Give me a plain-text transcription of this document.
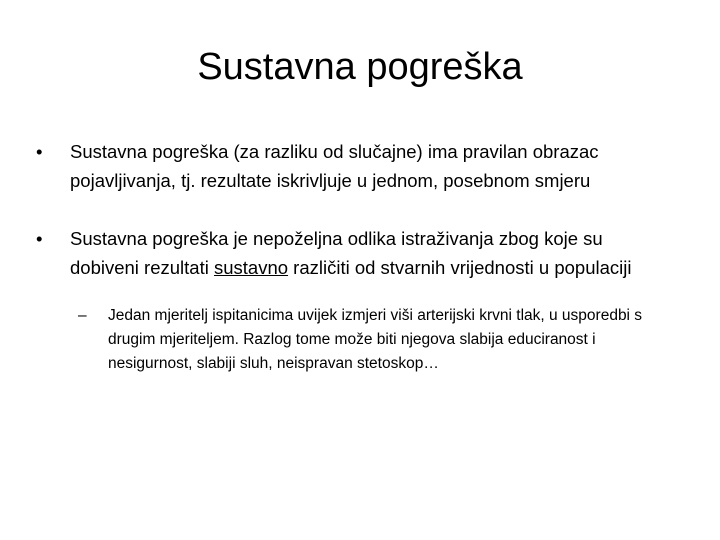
Sustavna pogreška
•	Sustavna pogreška (za razliku od slučajne) ima pravilan obrazac pojavljivanja, tj. rezultate iskrivljuje u jednom, posebnom smjeru
•	Sustavna pogreška je nepoželjna odlika istraživanja zbog koje su dobiveni rezultati sustavno različiti od stvarnih vrijednosti u populaciji
–	Jedan mjeritelj ispitanicima uvijek izmjeri viši arterijski krvni tlak, u usporedbi s drugim mjeriteljem. Razlog tome može biti njegova slabija educiranost i nesigurnost, slabiji sluh, neispravan stetoskop…
